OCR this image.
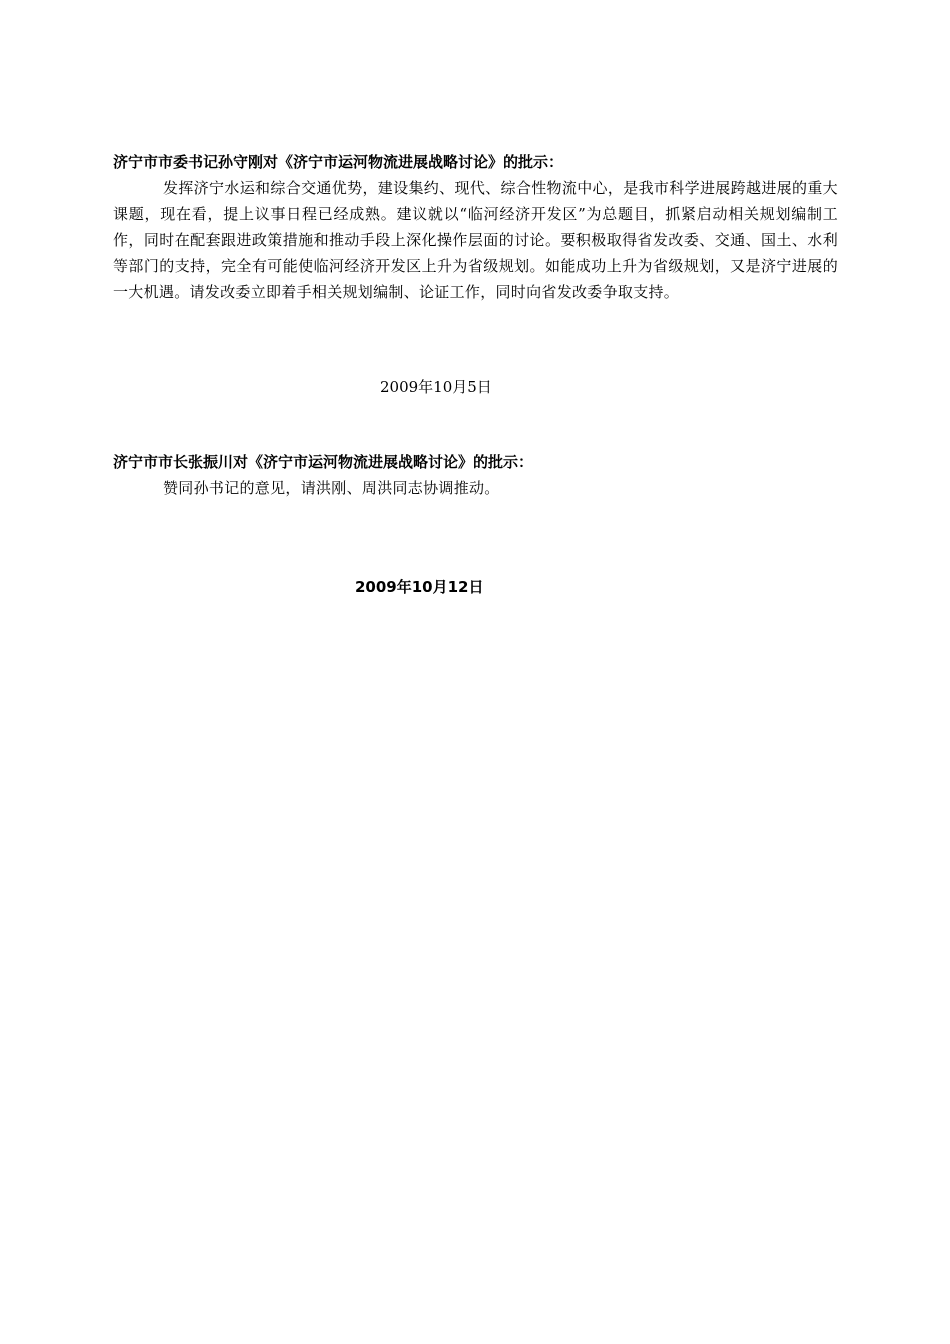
济宁市市委书记孙守刚对《济宁市运河物流进展战略讨论》的批示：
发挥济宁水运和综合交通优势，建设集约、现代、综合性物流中心，是我市科学进展跨越进展的重大课题，现在看，提上议事日程已经成熟。建议就以“临河经济开发区”为总题目，抓紧启动相关规划编制工作，同时在配套跟进政策措施和推动手段上深化操作层面的讨论。要积极取得省发改委、交通、国土、水利等部门的支持，完全有可能使临河经济开发区上升为省级规划。如能成功上升为省级规划，又是济宁进展的一大机遇。请发改委立即着手相关规划编制、论证工作，同时向省发改委争取支持。
2009年10月5日
济宁市市长张振川对《济宁市运河物流进展战略讨论》的批示：
赞同孙书记的意见，请洪刚、周洪同志协调推动。
2009年10月12日
